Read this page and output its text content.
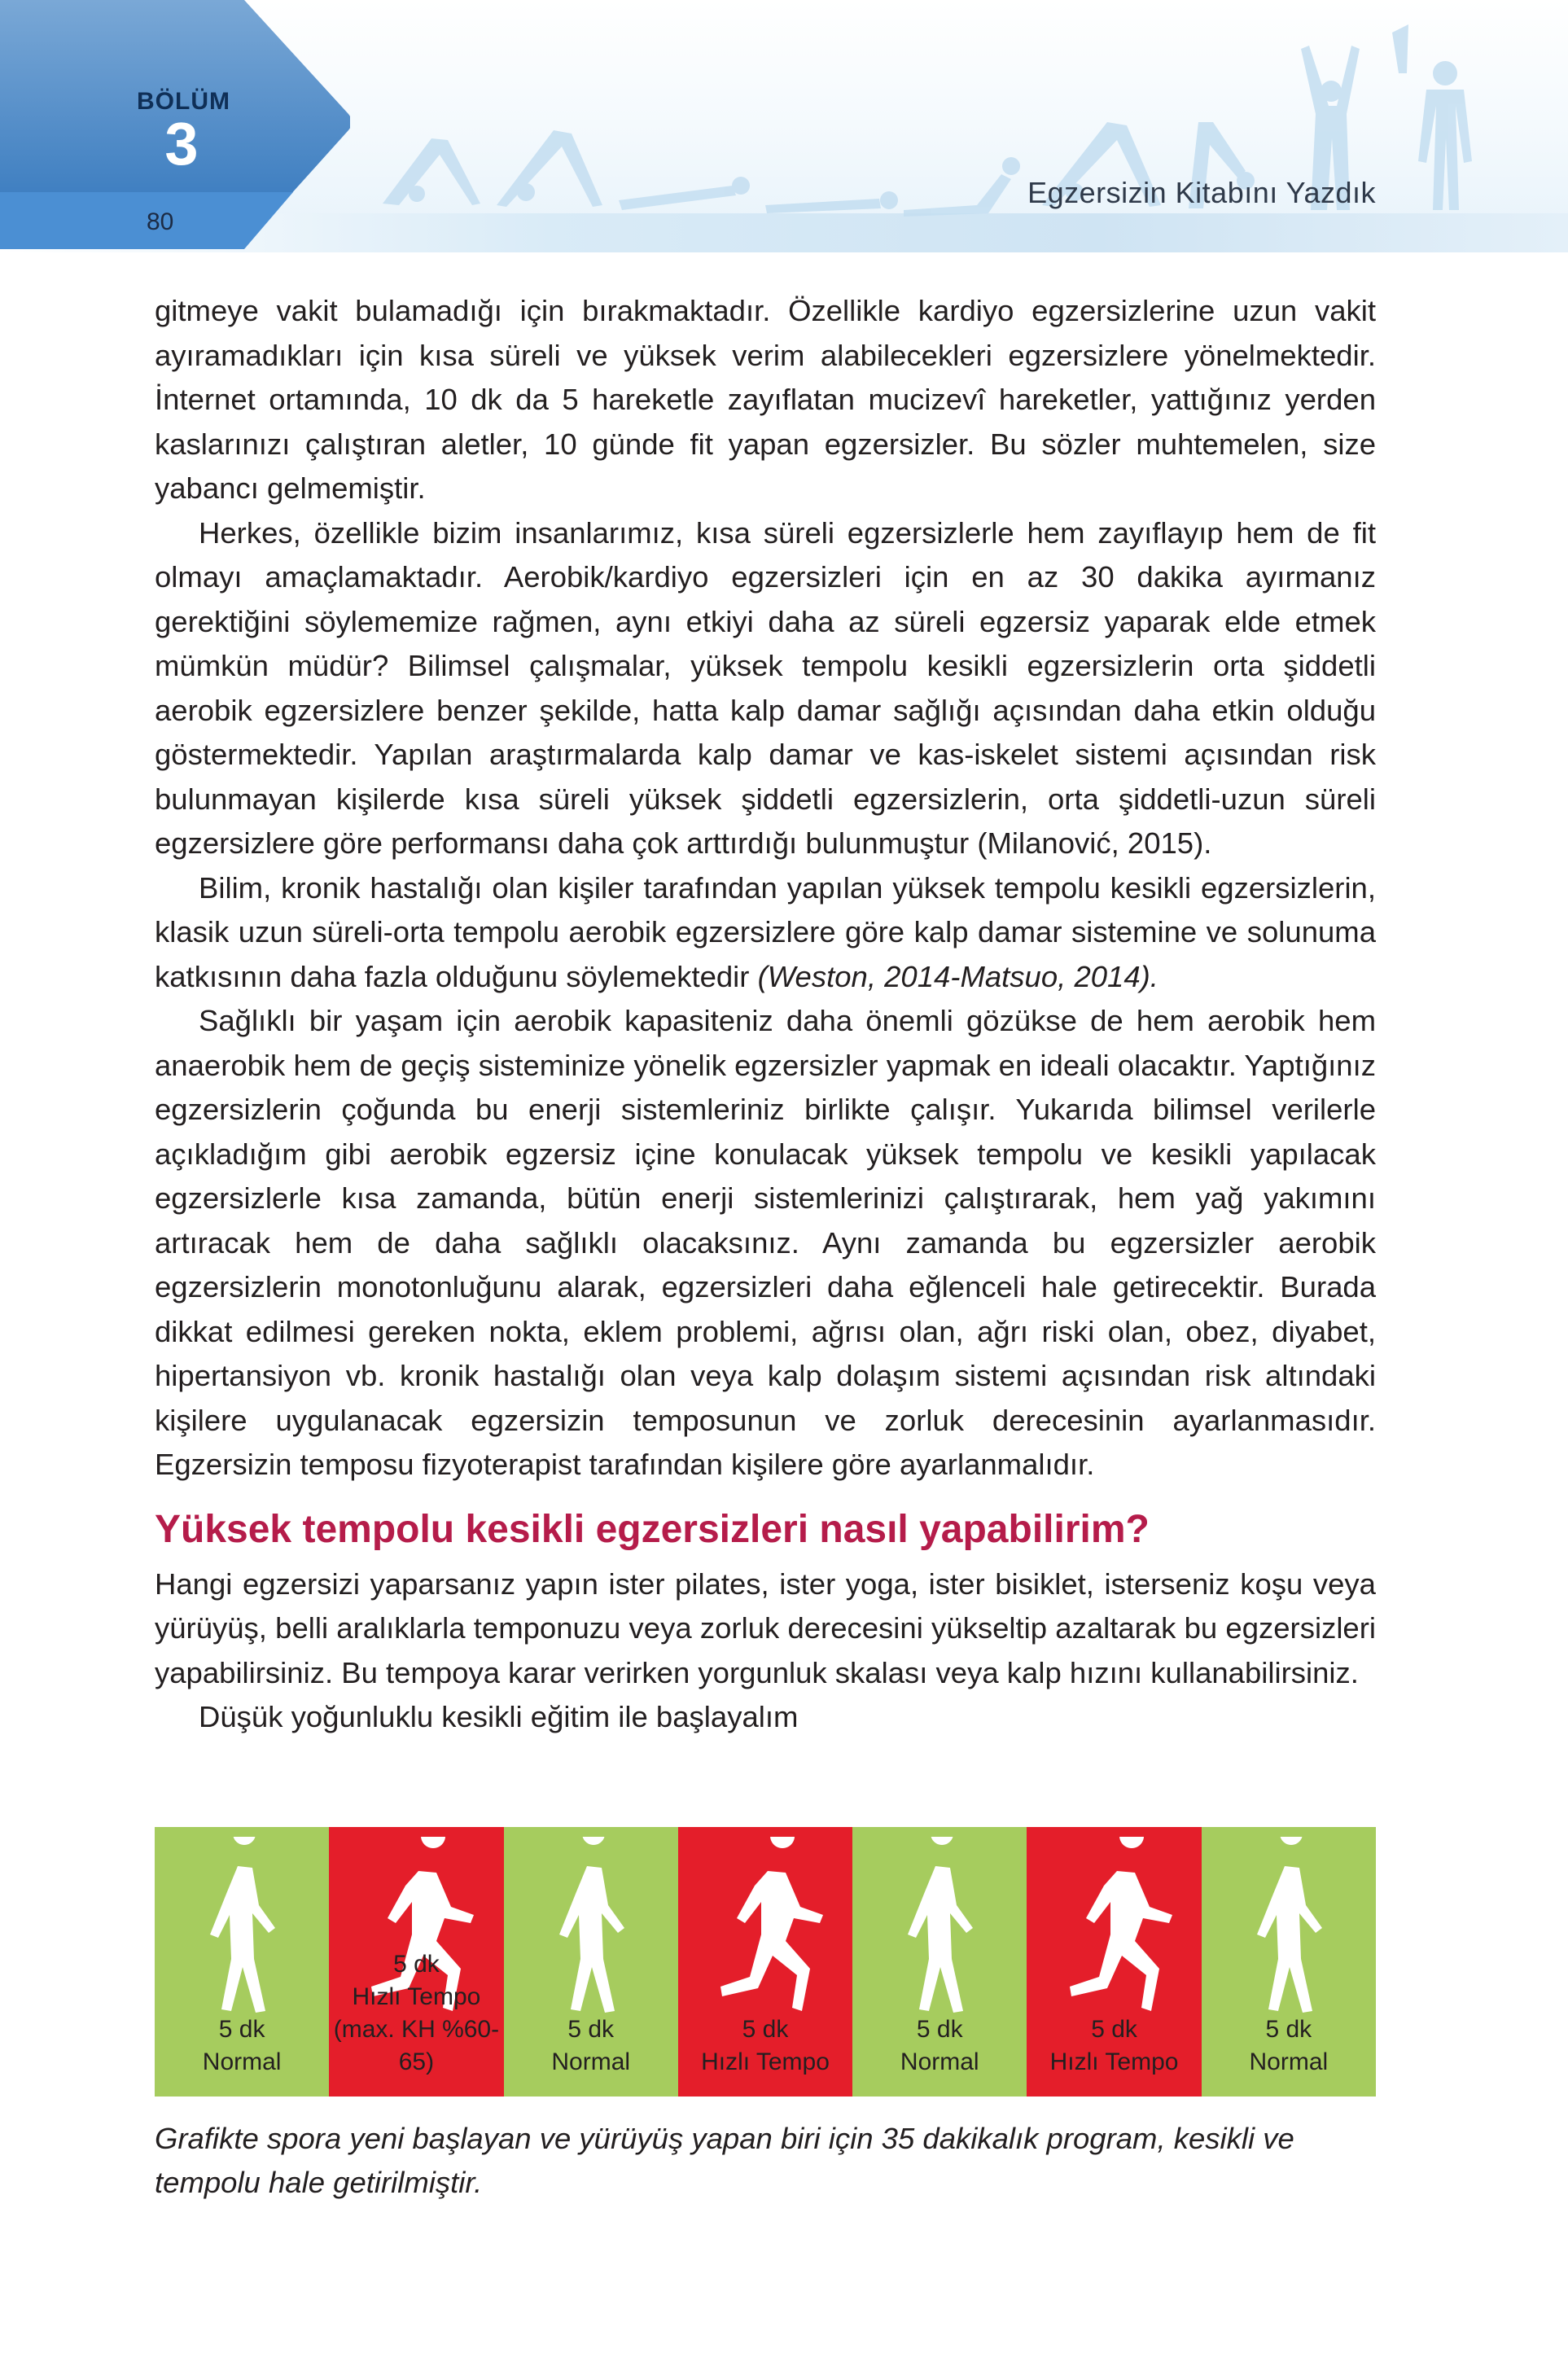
BÖLÜM
3
80
Egzersizin Kitabını Yazdık

gitmeye vakit bulamadığı için bırakmaktadır. Özellikle kardiyo egzersizlerine uzun vakit ayıramadıkları için kısa süreli ve yüksek verim alabilecekleri egzersizlere yönelmektedir. İnternet ortamında, 10 dk da 5 hareketle zayıflatan mucizevî hareketler, yattığınız yerden kaslarınızı çalıştıran aletler, 10 günde fit yapan egzersizler. Bu sözler muhtemelen, size yabancı gelmemiştir.

Herkes, özellikle bizim insanlarımız, kısa süreli egzersizlerle hem zayıflayıp hem de fit olmayı amaçlamaktadır. Aerobik/kardiyo egzersizleri için en az 30 dakika ayırmanız gerektiğini söylememize rağmen, aynı etkiyi daha az süreli egzersiz yaparak elde etmek mümkün müdür? Bilimsel çalışmalar, yüksek tempolu kesikli egzersizlerin orta şiddetli aerobik egzersizlere benzer şekilde, hatta kalp damar sağlığı açısından daha etkin olduğu göstermektedir. Yapılan araştırmalarda kalp damar ve kas-iskelet sistemi açısından risk bulunmayan kişilerde kısa süreli yüksek şiddetli egzersizlerin, orta şiddetli-uzun süreli egzersizlere göre performansı daha çok arttırdığı bulunmuştur (Milanović, 2015).

Bilim, kronik hastalığı olan kişiler tarafından yapılan yüksek tempolu kesikli egzersizlerin, klasik uzun süreli-orta tempolu aerobik egzersizlere göre kalp damar sistemine ve solunuma katkısının daha fazla olduğunu söylemektedir (Weston, 2014-Matsuo, 2014).

Sağlıklı bir yaşam için aerobik kapasiteniz daha önemli gözükse de hem aerobik hem anaerobik hem de geçiş sisteminize yönelik egzersizler yapmak en ideali olacaktır. Yaptığınız egzersizlerin çoğunda bu enerji sistemleriniz birlikte çalışır. Yukarıda bilimsel verilerle açıkladığım gibi aerobik egzersiz içine konulacak yüksek tempolu ve kesikli yapılacak egzersizlerle kısa zamanda, bütün enerji sistemlerinizi çalıştırarak, hem yağ yakımını artıracak hem de daha sağlıklı olacaksınız. Aynı zamanda bu egzersizler aerobik egzersizlerin monotonluğunu alarak, egzersizleri daha eğlenceli hale getirecektir. Burada dikkat edilmesi gereken nokta, eklem problemi, ağrısı olan, ağrı riski olan, obez, diyabet, hipertansiyon vb. kronik hastalığı olan veya kalp dolaşım sistemi açısından risk altındaki kişilere uygulanacak egzersizin temposunun ve zorluk derecesinin ayarlanmasıdır. Egzersizin temposu fizyoterapist tarafından kişilere göre ayarlanmalıdır.

Yüksek tempolu kesikli egzersizleri nasıl yapabilirim?

Hangi egzersizi yaparsanız yapın ister pilates, ister yoga, ister bisiklet, isterseniz koşu veya yürüyüş, belli aralıklarla temponuzu veya zorluk derecesini yükseltip azaltarak bu egzersizleri yapabilirsiniz. Bu tempoya karar verirken yorgunluk skalası veya kalp hızını kullanabilirsiniz.

Düşük yoğunluklu kesikli eğitim ile başlayalım

5 dk
Normal
5 dk
Hızlı Tempo
(max. KH %60-65)
5 dk
Normal
5 dk
Hızlı Tempo
5 dk
Normal
5 dk
Hızlı Tempo
5 dk
Normal
Grafikte spora yeni başlayan ve yürüyüş yapan biri için 35 dakikalık program, kesikli ve tempolu hale getirilmiştir.
